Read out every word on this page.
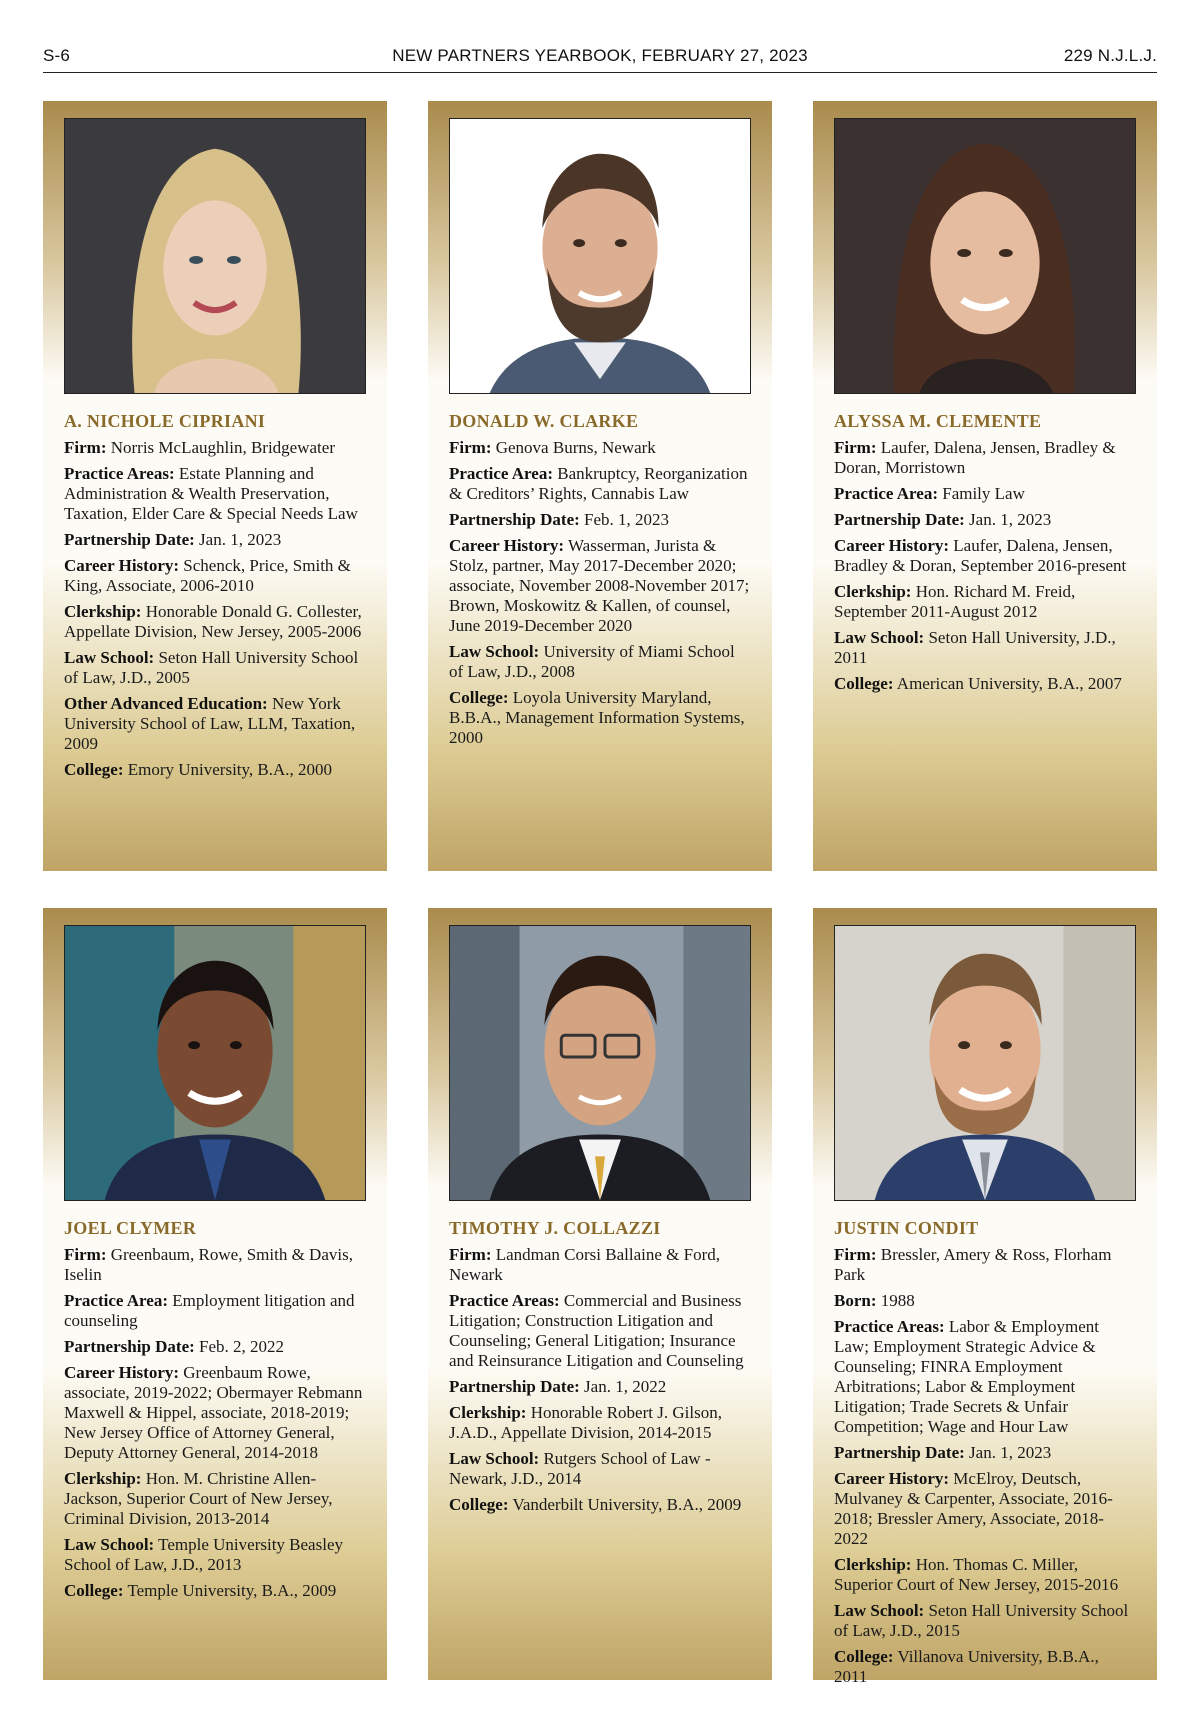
S-6	NEW PARTNERS YEARBOOK, FEBRUARY 27, 2023	229 N.J.L.J.
A. NICHOLE CIPRIANI
Firm: Norris McLaughlin, Bridgewater
Practice Areas: Estate Planning and Administration & Wealth Preservation, Taxation, Elder Care & Special Needs Law
Partnership Date: Jan. 1, 2023
Career History: Schenck, Price, Smith & King, Associate, 2006-2010
Clerkship: Honorable Donald G. Collester, Appellate Division, New Jersey, 2005-2006
Law School: Seton Hall University School of Law, J.D., 2005
Other Advanced Education: New York University School of Law, LLM, Taxation, 2009
College: Emory University, B.A., 2000
DONALD W. CLARKE
Firm: Genova Burns, Newark
Practice Area: Bankruptcy, Reorganization & Creditors’ Rights, Cannabis Law
Partnership Date: Feb. 1, 2023
Career History: Wasserman, Jurista & Stolz, partner, May 2017-December 2020; associate, November 2008-November 2017; Brown, Moskowitz & Kallen, of counsel, June 2019-December 2020
Law School: University of Miami School of Law, J.D., 2008
College: Loyola University Maryland, B.B.A., Management Information Systems, 2000
ALYSSA M. CLEMENTE
Firm: Laufer, Dalena, Jensen, Bradley & Doran, Morristown
Practice Area: Family Law
Partnership Date: Jan. 1, 2023
Career History: Laufer, Dalena, Jensen, Bradley & Doran, September 2016-present
Clerkship: Hon. Richard M. Freid, September 2011-August 2012
Law School: Seton Hall University, J.D., 2011
College: American University, B.A., 2007
JOEL CLYMER
Firm: Greenbaum, Rowe, Smith & Davis, Iselin
Practice Area: Employment litigation and counseling
Partnership Date: Feb. 2, 2022
Career History: Greenbaum Rowe, associate, 2019-2022; Obermayer Rebmann Maxwell & Hippel, associate, 2018-2019; New Jersey Office of Attorney General, Deputy Attorney General, 2014-2018
Clerkship: Hon. M. Christine Allen-Jackson, Superior Court of New Jersey, Criminal Division, 2013-2014
Law School: Temple University Beasley School of Law, J.D., 2013
College: Temple University, B.A., 2009
TIMOTHY J. COLLAZZI
Firm: Landman Corsi Ballaine & Ford, Newark
Practice Areas: Commercial and Business Litigation; Construction Litigation and Counseling; General Litigation; Insurance and Reinsurance Litigation and Counseling
Partnership Date: Jan. 1, 2022
Clerkship: Honorable Robert J. Gilson, J.A.D., Appellate Division, 2014-2015
Law School: Rutgers School of Law - Newark, J.D., 2014
College: Vanderbilt University, B.A., 2009
JUSTIN CONDIT
Firm: Bressler, Amery & Ross, Florham Park
Born: 1988
Practice Areas: Labor & Employment Law; Employment Strategic Advice & Counseling; FINRA Employment Arbitrations; Labor & Employment Litigation; Trade Secrets & Unfair Competition; Wage and Hour Law
Partnership Date: Jan. 1, 2023
Career History: McElroy, Deutsch, Mulvaney & Carpenter, Associate, 2016-2018; Bressler Amery, Associate, 2018-2022
Clerkship: Hon. Thomas C. Miller, Superior Court of New Jersey, 2015-2016
Law School: Seton Hall University School of Law, J.D., 2015
College: Villanova University, B.B.A., 2011
